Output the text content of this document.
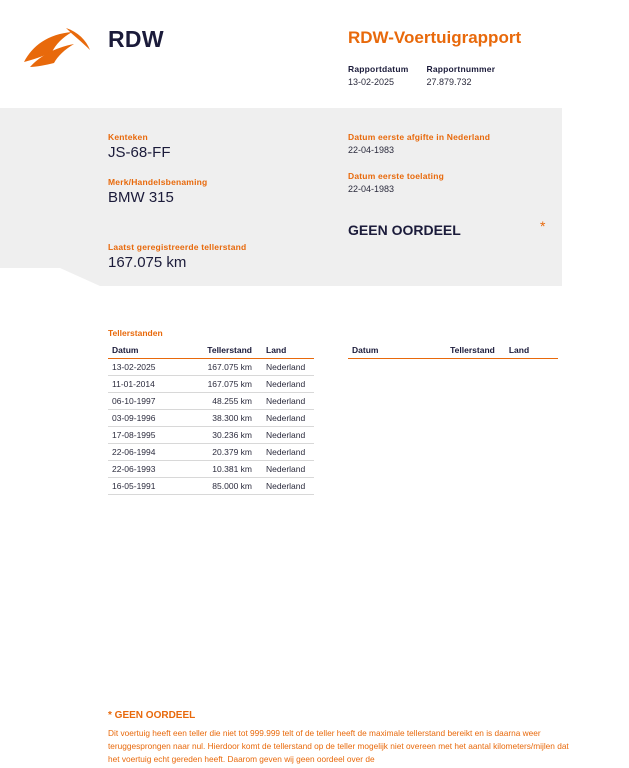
RDW	RDW-Voertuigrapport
Rapportdatum
13-02-2025
Rapportnummer
27.879.732
Kenteken
JS-68-FF
Merk/Handelsbenaming
BMW 315
Datum eerste afgifte in Nederland
22-04-1983
Datum eerste toelating
22-04-1983
Laatst geregistreerde tellerstand
167.075 km
GEEN OORDEEL	*
Tellerstanden
Datum	Tellerstand	Land
13-02-2025	167.075 km	Nederland
11-01-2014	167.075 km	Nederland
06-10-1997	48.255 km	Nederland
03-09-1996	38.300 km	Nederland
17-08-1995	30.236 km	Nederland
22-06-1994	20.379 km	Nederland
22-06-1993	10.381 km	Nederland
16-05-1991	85.000 km	Nederland
Datum	Tellerstand	Land
* GEEN OORDEEL
Dit voertuig heeft een teller die niet tot 999.999 telt of de teller heeft de maximale tellerstand bereikt en is daarna weer teruggesprongen naar nul. Hierdoor komt de tellerstand op de teller mogelijk niet overeen met het aantal kilometers/mijlen dat het voertuig echt gereden heeft. Daarom geven wij geen oordeel over de
